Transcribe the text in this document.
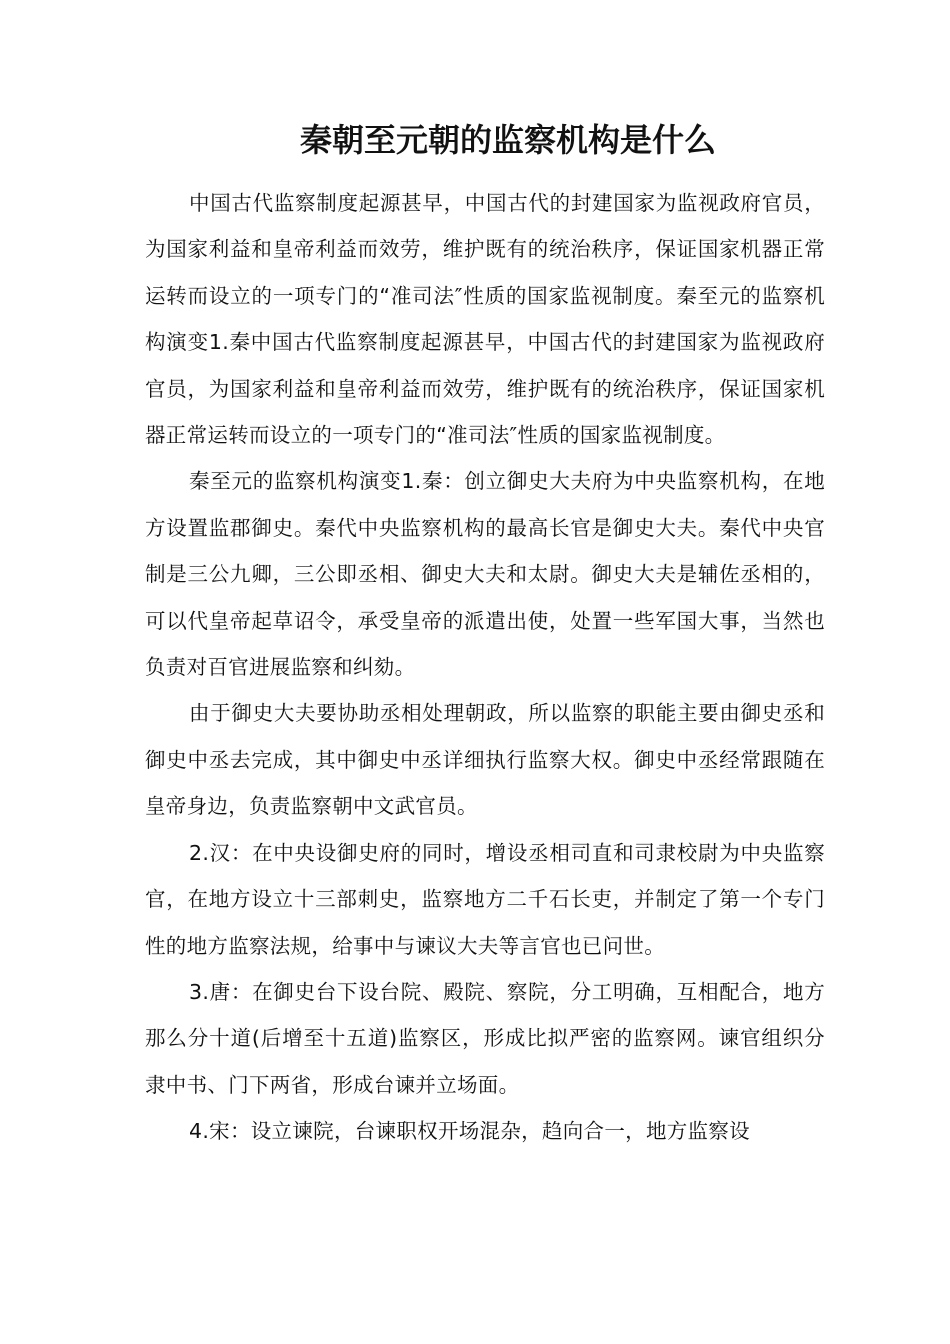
秦朝至元朝的监察机构是什么

中国古代监察制度起源甚早，中国古代的封建国家为监视政府官员，为国家利益和皇帝利益而效劳，维护既有的统治秩序，保证国家机器正常运转而设立的一项专门的“准司法″性质的国家监视制度。秦至元的监察机构演变1.秦中国古代监察制度起源甚早，中国古代的封建国家为监视政府官员，为国家利益和皇帝利益而效劳，维护既有的统治秩序，保证国家机器正常运转而设立的一项专门的“准司法″性质的国家监视制度。

秦至元的监察机构演变1.秦：创立御史大夫府为中央监察机构，在地方设置监郡御史。秦代中央监察机构的最高长官是御史大夫。秦代中央官制是三公九卿，三公即丞相、御史大夫和太尉。御史大夫是辅佐丞相的，可以代皇帝起草诏令，承受皇帝的派遣出使，处置一些军国大事，当然也负责对百官进展监察和纠劾。

由于御史大夫要协助丞相处理朝政，所以监察的职能主要由御史丞和御史中丞去完成，其中御史中丞详细执行监察大权。御史中丞经常跟随在皇帝身边，负责监察朝中文武官员。

2.汉：在中央设御史府的同时，增设丞相司直和司隶校尉为中央监察官，在地方设立十三部刺史，监察地方二千石长吏，并制定了第一个专门性的地方监察法规，给事中与谏议大夫等言官也已问世。

3.唐：在御史台下设台院、殿院、察院，分工明确，互相配合，地方那么分十道(后增至十五道)监察区，形成比拟严密的监察网。谏官组织分隶中书、门下两省，形成台谏并立场面。

4.宋：设立谏院，台谏职权开场混杂，趋向合一，地方监察设
